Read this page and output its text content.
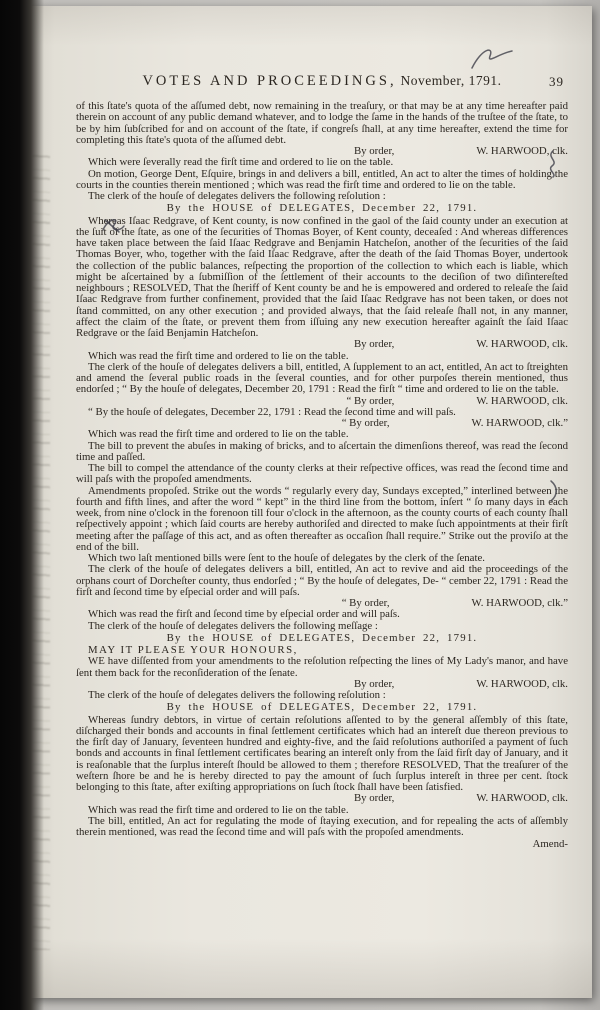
VOTES AND PROCEEDINGS, November, 1791.	39

of this ſtate's quota of the aſſumed debt, now remaining in the treaſury, or that may be at any time hereafter paid therein on account of any public demand whatever, and to lodge the ſame in the hands of the truſtee of the ſtate, to be by him ſubſcribed for and on account of the ſtate, if congreſs ſhall, at any time hereafter, extend the time for completing this ſtate's quota of the aſſumed debt.

By order,	W. HARWOOD, clk.

Which were ſeverally read the firſt time and ordered to lie on the table.

On motion, George Dent, Eſquire, brings in and delivers a bill, entitled, An act to alter the times of holding the courts in the counties therein mentioned ; which was read the firſt time and ordered to lie on the table.

The clerk of the houſe of delegates delivers the following reſolution :

By the HOUSE of DELEGATES, December 22, 1791.

Whereas Iſaac Redgrave, of Kent county, is now confined in the gaol of the ſaid county under an execution at the ſuit of the ſtate, as one of the ſecurities of Thomas Boyer, of Kent county, deceaſed : And whereas differences have taken place between the ſaid Iſaac Redgrave and Benjamin Hatcheſon, another of the ſecurities of the ſaid Thomas Boyer, who, together with the ſaid Iſaac Redgrave, after the death of the ſaid Thomas Boyer, undertook the collection of the public balances, reſpecting the proportion of the collection to which each is liable, which might be aſcertained by a ſubmiſſion of the ſettlement of their accounts to the deciſion of two diſintereſted neighbours ; RESOLVED, That the ſheriff of Kent county be and he is empowered and ordered to releaſe the ſaid Iſaac Redgrave from further confinement, provided that the ſaid Iſaac Redgrave has not been taken, or does not ſtand committed, on any other execution ; and provided always, that the ſaid releaſe ſhall not, in any manner, affect the claim of the ſtate, or prevent them from iſſuing any new execution hereafter againſt the ſaid Iſaac Redgrave or the ſaid Benjamin Hatcheſon.

By order,	W. HARWOOD, clk.

Which was read the firſt time and ordered to lie on the table.

The clerk of the houſe of delegates delivers a bill, entitled, A ſupplement to an act, entitled, An act to ſtreighten and amend the ſeveral public roads in the ſeveral counties, and for other purpoſes therein mentioned, thus endorſed ; “ By the houſe of delegates, December 20, 1791 : Read the firſt “ time and ordered to lie on the table.

“ By order,	W. HARWOOD, clk.

“ By the houſe of delegates, December 22, 1791 : Read the ſecond time and will paſs.

“ By order,	W. HARWOOD, clk.”

Which was read the firſt time and ordered to lie on the table.

The bill to prevent the abuſes in making of bricks, and to aſcertain the dimenſions thereof, was read the ſecond time and paſſed.

The bill to compel the attendance of the county clerks at their reſpective offices, was read the ſecond time and will paſs with the propoſed amendments.

Amendments propoſed. Strike out the words “ regularly every day, Sundays excepted,” interlined between the fourth and fifth lines, and after the word “ kept” in the third line from the bottom, inſert “ ſo many days in each week, from nine o'clock in the forenoon till four o'clock in the afternoon, as the county courts of each county ſhall reſpectively appoint ; which ſaid courts are hereby authoriſed and directed to make ſuch appointments at their firſt meeting after the paſſage of this act, and as often thereafter as occaſion ſhall require.” Strike out the proviſo at the end of the bill.

Which two laſt mentioned bills were ſent to the houſe of delegates by the clerk of the ſenate.

The clerk of the houſe of delegates delivers a bill, entitled, An act to revive and aid the proceedings of the orphans court of Dorcheſter county, thus endorſed ; “ By the houſe of delegates, De- “ cember 22, 1791 : Read the firſt and ſecond time by eſpecial order and will paſs.

“ By order,	W. HARWOOD, clk.”

Which was read the firſt and ſecond time by eſpecial order and will paſs.

The clerk of the houſe of delegates delivers the following meſſage :

By the HOUSE of DELEGATES, December 22, 1791.

MAY IT PLEASE YOUR HONOURS,

WE have diſſented from your amendments to the reſolution reſpecting the lines of My Lady's manor, and have ſent them back for the reconſideration of the ſenate.

By order,	W. HARWOOD, clk.

The clerk of the houſe of delegates delivers the following reſolution :

By the HOUSE of DELEGATES, December 22, 1791.

Whereas ſundry debtors, in virtue of certain reſolutions aſſented to by the general aſſembly of this ſtate, diſcharged their bonds and accounts in final ſettlement certificates which had an intereſt due thereon previous to the firſt day of January, ſeventeen hundred and eighty-five, and the ſaid reſolutions authoriſed a payment of ſuch bonds and accounts in final ſettlement certificates bearing an intereſt only from the ſaid firſt day of January, and it is reaſonable that the ſurplus intereſt ſhould be allowed to them ; therefore RESOLVED, That the treaſurer of the weſtern ſhore be and he is hereby directed to pay the amount of ſuch ſurplus intereſt in three per cent. ſtock belonging to this ſtate, after exiſting appropriations on ſuch ſtock ſhall have been ſatisfied.

By order,	W. HARWOOD, clk.

Which was read the firſt time and ordered to lie on the table.

The bill, entitled, An act for regulating the mode of ſtaying execution, and for repealing the acts of aſſembly therein mentioned, was read the ſecond time and will paſs with the propoſed amendments.

Amend-
